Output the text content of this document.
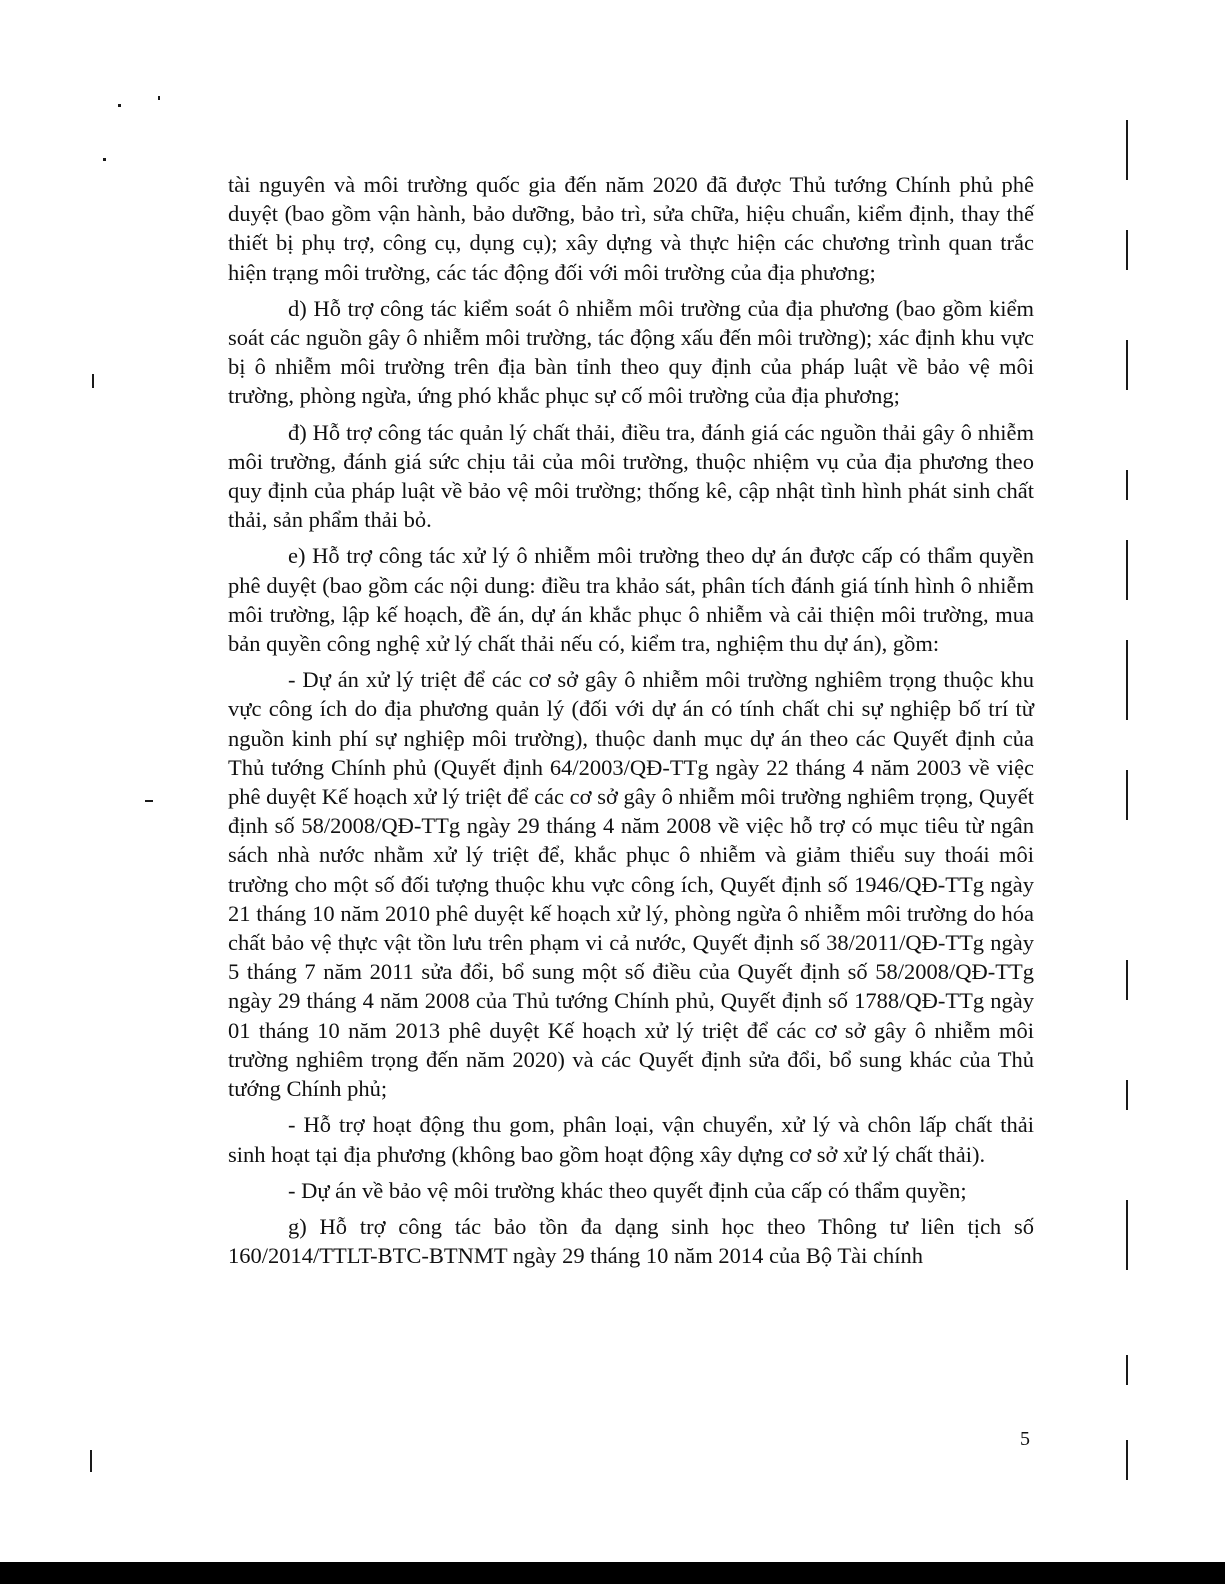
tài nguyên và môi trường quốc gia đến năm 2020 đã được Thủ tướng Chính phủ phê duyệt (bao gồm vận hành, bảo dưỡng, bảo trì, sửa chữa, hiệu chuẩn, kiểm định, thay thế thiết bị phụ trợ, công cụ, dụng cụ); xây dựng và thực hiện các chương trình quan trắc hiện trạng môi trường, các tác động đối với môi trường của địa phương;

d) Hỗ trợ công tác kiểm soát ô nhiễm môi trường của địa phương (bao gồm kiểm soát các nguồn gây ô nhiễm môi trường, tác động xấu đến môi trường); xác định khu vực bị ô nhiễm môi trường trên địa bàn tỉnh theo quy định của pháp luật về bảo vệ môi trường, phòng ngừa, ứng phó khắc phục sự cố môi trường của địa phương;

đ) Hỗ trợ công tác quản lý chất thải, điều tra, đánh giá các nguồn thải gây ô nhiễm môi trường, đánh giá sức chịu tải của môi trường, thuộc nhiệm vụ của địa phương theo quy định của pháp luật về bảo vệ môi trường; thống kê, cập nhật tình hình phát sinh chất thải, sản phẩm thải bỏ.

e) Hỗ trợ công tác xử lý ô nhiễm môi trường theo dự án được cấp có thẩm quyền phê duyệt (bao gồm các nội dung: điều tra khảo sát, phân tích đánh giá tính hình ô nhiễm môi trường, lập kế hoạch, đề án, dự án khắc phục ô nhiễm và cải thiện môi trường, mua bản quyền công nghệ xử lý chất thải nếu có, kiểm tra, nghiệm thu dự án), gồm:

- Dự án xử lý triệt để các cơ sở gây ô nhiễm môi trường nghiêm trọng thuộc khu vực công ích do địa phương quản lý (đối với dự án có tính chất chi sự nghiệp bố trí từ nguồn kinh phí sự nghiệp môi trường), thuộc danh mục dự án theo các Quyết định của Thủ tướng Chính phủ (Quyết định 64/2003/QĐ-TTg ngày 22 tháng 4 năm 2003 về việc phê duyệt Kế hoạch xử lý triệt để các cơ sở gây ô nhiễm môi trường nghiêm trọng, Quyết định số 58/2008/QĐ-TTg ngày 29 tháng 4 năm 2008 về việc hỗ trợ có mục tiêu từ ngân sách nhà nước nhằm xử lý triệt để, khắc phục ô nhiễm và giảm thiểu suy thoái môi trường cho một số đối tượng thuộc khu vực công ích, Quyết định số 1946/QĐ-TTg ngày 21 tháng 10 năm 2010 phê duyệt kế hoạch xử lý, phòng ngừa ô nhiễm môi trường do hóa chất bảo vệ thực vật tồn lưu trên phạm vi cả nước, Quyết định số 38/2011/QĐ-TTg ngày 5 tháng 7 năm 2011 sửa đổi, bổ sung một số điều của Quyết định số 58/2008/QĐ-TTg ngày 29 tháng 4 năm 2008 của Thủ tướng Chính phủ, Quyết định số 1788/QĐ-TTg ngày 01 tháng 10 năm 2013 phê duyệt Kế hoạch xử lý triệt để các cơ sở gây ô nhiễm môi trường nghiêm trọng đến năm 2020) và các Quyết định sửa đổi, bổ sung khác của Thủ tướng Chính phủ;

- Hỗ trợ hoạt động thu gom, phân loại, vận chuyển, xử lý và chôn lấp chất thải sinh hoạt tại địa phương (không bao gồm hoạt động xây dựng cơ sở xử lý chất thải).

- Dự án về bảo vệ môi trường khác theo quyết định của cấp có thẩm quyền;

g) Hỗ trợ công tác bảo tồn đa dạng sinh học theo Thông tư liên tịch số 160/2014/TTLT-BTC-BTNMT ngày 29 tháng 10 năm 2014 của Bộ Tài chính

5
